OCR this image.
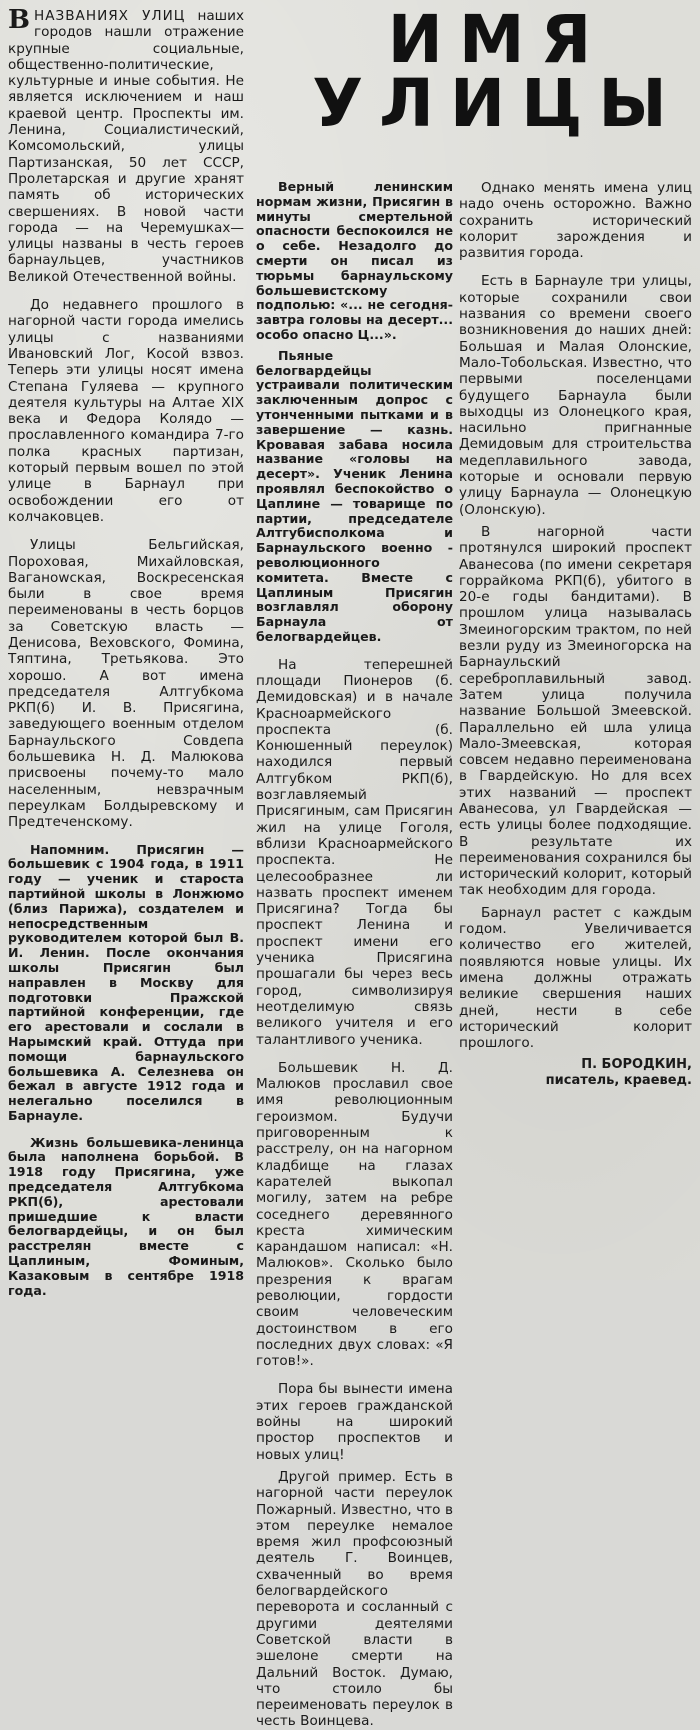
ВНАЗВАНИЯХ УЛИЦ наших городов нашли отражение крупные социальные, общественно-политические, культурные и иные события. Не является исключением и наш краевой центр. Проспекты им. Ленина, Социалистический, Комсомольский, улицы Партизанская, 50 лет СССР, Пролетарская и другие хранят память об исторических свершениях. В новой части города — на Черемушках— улицы названы в честь героев барнаульцев, участников Великой Отечественной войны.

До недавнего прошлого в нагорной части города имелись улицы с названиями Ивановский Лог, Косой взвоз. Теперь эти улицы носят имена Степана Гуляева — крупного деятеля культуры на Алтае XIX века и Федора Колядо — прославленного командира 7-го полка красных партизан, который первым вошел по этой улице в Барнаул при освобождении его от колчаковцев.

Улицы Бельгийская, Пороховая, Михайловская, Ваганowская, Воскресенская были в свое время переименованы в честь борцов за Советскую власть — Денисова, Веховского, Фомина, Тяптина, Третьякова. Это хорошо. А вот имена председателя Алтгубкома РКП(б) И. В. Присягина, заведующего военным отделом Барнаульского Совдепа большевика Н. Д. Малюкова присвоены почему-то мало населенным, невзрачным переулкам Болдыревскому и Предтеченскому.

Напомним. Присягин — большевик с 1904 года, в 1911 году — ученик и староста партийной школы в Лонжюмо (близ Парижа), создателем и непосредственным руководителем которой был В. И. Ленин. После окончания школы Присягин был направлен в Москву для подготовки Пражской партийной конференции, где его арестовали и сослали в Нарымский край. Оттуда при помощи барнаульского большевика А. Селезнева он бежал в августе 1912 года и нелегально поселился в Барнауле.

Жизнь большевика-ленинца была наполнена борьбой. В 1918 году Присягина, уже председателя Алтгубкома РКП(б), арестовали пришедшие к власти белогвардейцы, и он был расстрелян вместе с Цаплиным, Фоминым, Казаковым в сентябре 1918 года.

ИМЯ
УЛИЦЫ

Верный ленинским нормам жизни, Присягин в минуты смертельной опасности беспокоился не о себе. Незадолго до смерти он писал из тюрьмы барнаульскому большевистскому подполью: «... не сегодня-завтра головы на десерт... особо опасно Ц...».

Пьяные белогвардейцы устраивали политическим заключенным допрос с утонченными пытками и в завершение — казнь. Кровавая забава носила название «головы на десерт». Ученик Ленина проявлял беспокойство о Цаплине — товарище по партии, председателе Алтгубисполкома и Барнаульского военно - революционного комитета. Вместе с Цаплиным Присягин возглавлял оборону Барнаула от белогвардейцев.

На теперешней площади Пионеров (б. Демидовская) и в начале Красноармейского проспекта (б. Конюшенный переулок) находился первый Алтгубком РКП(б), возглавляемый Присягиным, сам Присягин жил на улице Гоголя, вблизи Красноармейского проспекта. Не целесообразнее ли назвать проспект именем Присягина? Тогда бы проспект Ленина и проспект имени его ученика Присягина прошагали бы через весь город, символизируя неотделимую связь великого учителя и его талантливого ученика.

Большевик Н. Д. Малюков прославил свое имя революционным героизмом. Будучи приговоренным к расстрелу, он на нагорном кладбище на глазах карателей выкопал могилу, затем на ребре соседнего деревянного креста химическим карандашом написал: «Н. Малюков». Сколько было презрения к врагам революции, гордости своим человеческим достоинством в его последних двух словах: «Я готов!».

Пора бы вынести имена этих героев гражданской войны на широкий простор проспектов и новых улиц!

Другой пример. Есть в нагорной части переулок Пожарный. Известно, что в этом переулке немалое время жил профсоюзный деятель Г. Воинцев, схваченный во время белогвардейского переворота и сосланный с другими деятелями Советской власти в эшелоне смерти на Дальний Восток. Думаю, что стоило бы переименовать переулок в честь Воинцева.

Однако менять имена улиц надо очень осторожно. Важно сохранить исторический колорит зарождения и развития города.

Есть в Барнауле три улицы, которые сохранили свои названия со времени своего возникновения до наших дней: Большая и Малая Олонские, Мало-Тобольская. Известно, что первыми поселенцами будущего Барнаула были выходцы из Олонецкого края, насильно пригнанные Демидовым для строительства медеплавильного завода, которые и основали первую улицу Барнаула — Олонецкую (Олонскую).

В нагорной части протянулся широкий проспект Аванесова (по имени секретаря горрайкома РКП(б), убитого в 20-е годы бандитами). В прошлом улица называлась Змеиногорским трактом, по ней везли руду из Змеиногорска на Барнаульский сереброплавильный завод. Затем улица получила название Большой Змеевской. Параллельно ей шла улица Мало-Змеевская, которая совсем недавно переименована в Гвардейскую. Но для всех этих названий — проспект Аванесова, ул Гвардейская — есть улицы более подходящие. В результате их переименования сохранился бы исторический колорит, который так необходим для города.

Барнаул растет с каждым годом. Увеличивается количество его жителей, появляются новые улицы. Их имена должны отражать великие свершения наших дней, нести в себе исторический колорит прошлого.

П. БОРОДКИН,
писатель, краевед.
